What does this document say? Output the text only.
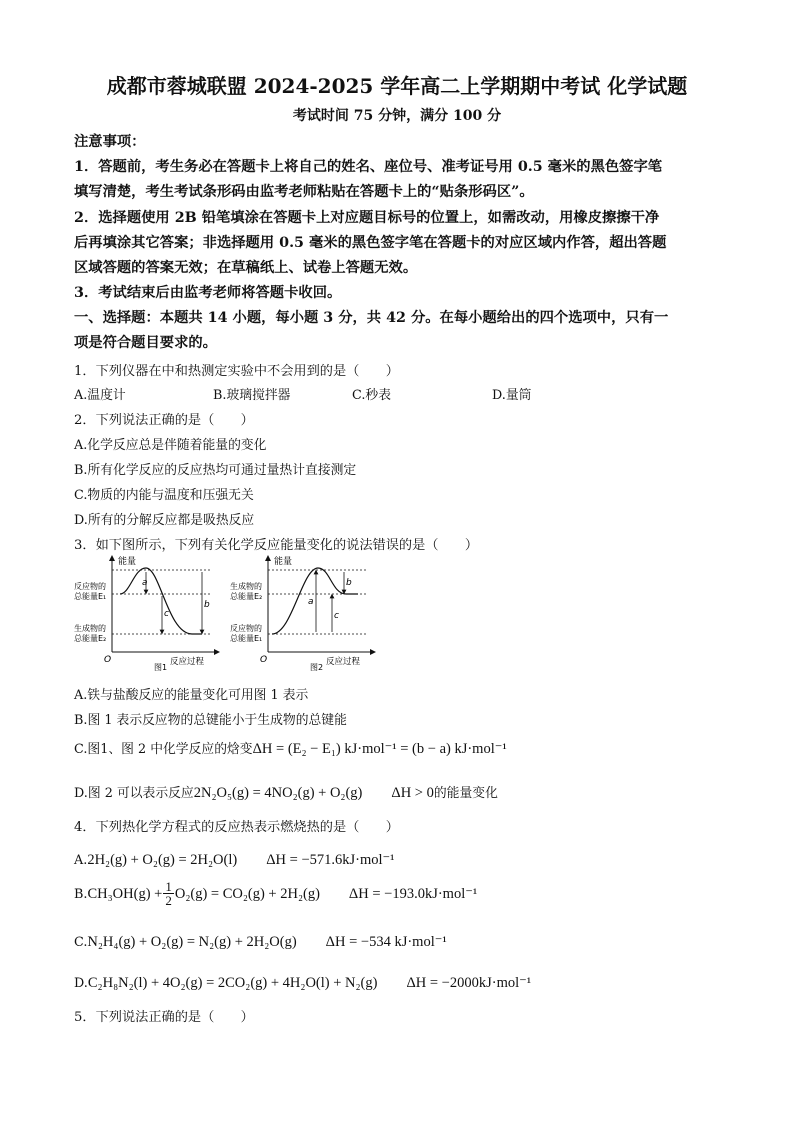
成都市蓉城联盟 2024-2025 学年高二上学期期中考试 化学试题
考试时间 75 分钟，满分 100 分
注意事项：
1．答题前，考生务必在答题卡上将自己的姓名、座位号、准考证号用 0.5 毫米的黑色签字笔
填写清楚，考生考试条形码由监考老师粘贴在答题卡上的“贴条形码区”。
2．选择题使用 2B 铅笔填涂在答题卡上对应题目标号的位置上，如需改动，用橡皮擦擦干净
后再填涂其它答案；非选择题用 0.5 毫米的黑色签字笔在答题卡的对应区域内作答，超出答题
区域答题的答案无效；在草稿纸上、试卷上答题无效。
3．考试结束后由监考老师将答题卡收回。
一、选择题：本题共 14 小题，每小题 3 分，共 42 分。在每小题给出的四个选项中，只有一
项是符合题目要求的。
1．下列仪器在中和热测定实验中不会用到的是（　　）
A.温度计	B.玻璃搅拌器	C.秒表	D.量筒
2．下列说法正确的是（　　）
A.化学反应总是伴随着能量的变化
B.所有化学反应的反应热均可通过量热计直接测定
C.物质的内能与温度和压强无关
D.所有的分解反应都是吸热反应
3．如下图所示，下列有关化学反应能量变化的说法错误的是（　　）
能量
反应过程
O
a
c
b
反应物的
总能量E₁
生成物的
总能量E₂
图1
能量
反应过程
O
a
b
c
生成物的
总能量E₂
反应物的
总能量E₁
图2
A.铁与盐酸反应的能量变化可用图 1 表示
B.图 1 表示反应物的总键能小于生成物的总键能
C.图1、图 2 中化学反应的焓变ΔH = (E₂ − E₁) kJ·mol⁻¹ = (b − a) kJ·mol⁻¹
D.图 2 可以表示反应2N₂O₅(g) = 4NO₂(g) + O₂(g)　　ΔH > 0的能量变化
4．下列热化学方程式的反应热表示燃烧热的是（　　）
A.2H₂(g) + O₂(g) = 2H₂O(l)　　ΔH = −571.6kJ·mol⁻¹
$B.CH_3OH(g) + \frac{1}{2} O_2(g) = CO_2(g) + 2H_2(g)$　　ΔH = −193.0kJ·mol⁻¹
C.N₂H₄(g) + O₂(g) = N₂(g) + 2H₂O(g)　　ΔH = −534 kJ·mol⁻¹
D.C₂H₈N₂(l) + 4O₂(g) = 2CO₂(g) + 4H₂O(l) + N₂(g)　　ΔH = −2000kJ·mol⁻¹
5．下列说法正确的是（　　）
